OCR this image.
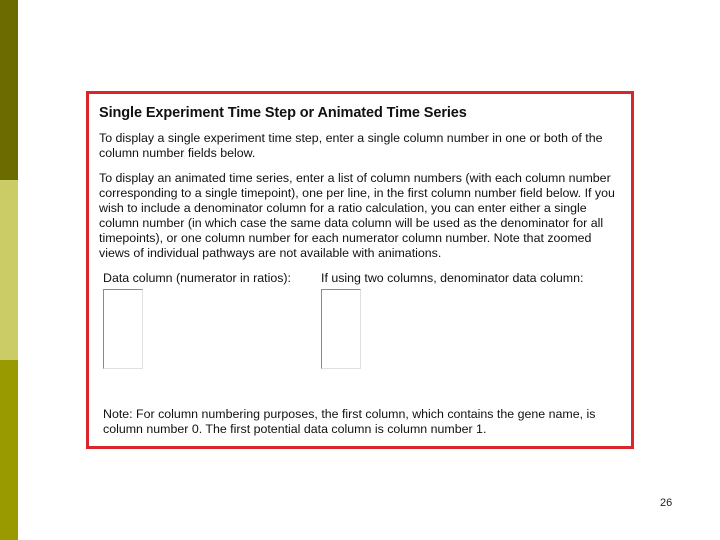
Single Experiment Time Step or Animated Time Series
To display a single experiment time step, enter a single column number in one or both of the column number fields below.
To display an animated time series, enter a list of column numbers (with each column number corresponding to a single timepoint), one per line, in the first column number field below. If you wish to include a denominator column for a ratio calculation, you can enter either a single column number (in which case the same data column will be used as the denominator for all timepoints), or one column number for each numerator column number. Note that zoomed views of individual pathways are not available with animations.
Data column (numerator in ratios): If using two columns, denominator data column:
Note: For column numbering purposes, the first column, which contains the gene name, is column number 0. The first potential data column is column number 1.
26
